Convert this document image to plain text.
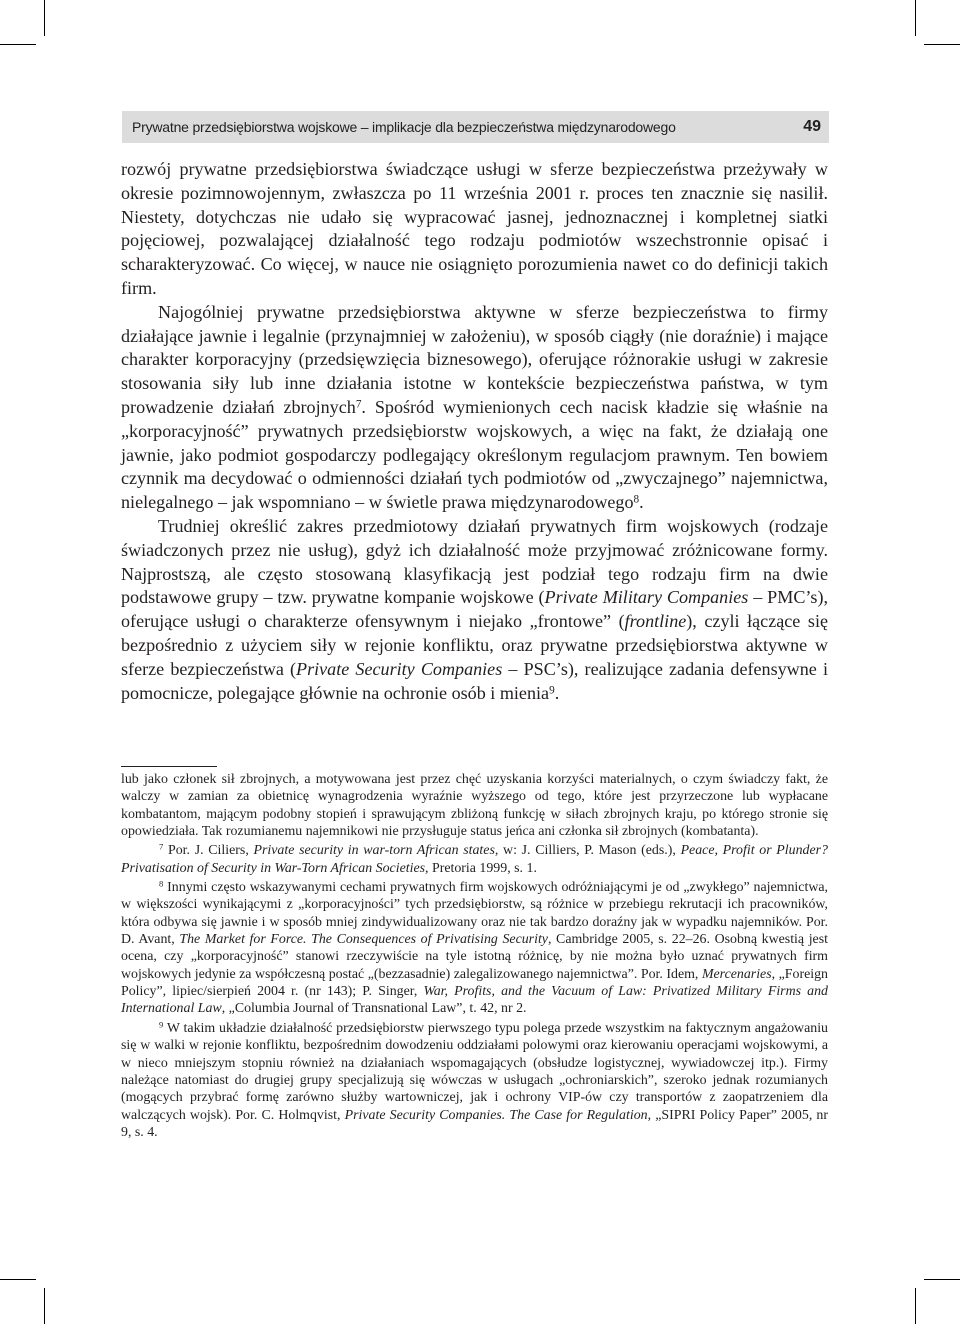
Prywatne przedsiębiorstwa wojskowe – implikacje dla bezpieczeństwa międzynarodowego	49

rozwój prywatne przedsiębiorstwa świadczące usługi w sferze bezpieczeństwa przeżywały w okresie pozimnowojennym, zwłaszcza po 11 września 2001 r. proces ten znacznie się nasilił. Niestety, dotychczas nie udało się wypracować jasnej, jednoznacznej i kompletnej siatki pojęciowej, pozwalającej działalność tego rodzaju podmiotów wszechstronnie opisać i scharakteryzować. Co więcej, w nauce nie osiągnięto porozumienia nawet co do definicji takich firm.

Najogólniej prywatne przedsiębiorstwa aktywne w sferze bezpieczeństwa to firmy działające jawnie i legalnie (przynajmniej w założeniu), w sposób ciągły (nie doraźnie) i mające charakter korporacyjny (przedsięwzięcia biznesowego), oferujące różnorakie usługi w zakresie stosowania siły lub inne działania istotne w kontekście bezpieczeństwa państwa, w tym prowadzenie działań zbrojnych$^7$. Spośród wymienionych cech nacisk kładzie się właśnie na „korporacyjność” prywatnych przedsiębiorstw wojskowych, a więc na fakt, że działają one jawnie, jako podmiot gospodarczy podlegający określonym regulacjom prawnym. Ten bowiem czynnik ma decydować o odmienności działań tych podmiotów od „zwyczajnego” najemnictwa, nielegalnego – jak wspomniano – w świetle prawa międzynarodowego$^8$.

Trudniej określić zakres przedmiotowy działań prywatnych firm wojskowych (rodzaje świadczonych przez nie usług), gdyż ich działalność może przyjmować zróżnicowane formy. Najprostszą, ale często stosowaną klasyfikacją jest podział tego rodzaju firm na dwie podstawowe grupy – tzw. prywatne kompanie wojskowe (Private Military Companies – PMC’s), oferujące usługi o charakterze ofensywnym i niejako „frontowe” (frontline), czyli łączące się bezpośrednio z użyciem siły w rejonie konfliktu, oraz prywatne przedsiębiorstwa aktywne w sferze bezpieczeństwa (Private Security Companies – PSC’s), realizujące zadania defensywne i pomocnicze, polegające głównie na ochronie osób i mienia$^9$.

lub jako członek sił zbrojnych, a motywowana jest przez chęć uzyskania korzyści materialnych, o czym świadczy fakt, że walczy w zamian za obietnicę wynagrodzenia wyraźnie wyższego od tego, które jest przyrzeczone lub wypłacane kombatantom, mającym podobny stopień i sprawującym zbliżoną funkcję w siłach zbrojnych kraju, po którego stronie się opowiedziała. Tak rozumianemu najemnikowi nie przysługuje status jeńca ani członka sił zbrojnych (kombatanta).

$^7$ Por. J. Ciliers, Private security in war-torn African states, w: J. Cilliers, P. Mason (eds.), Peace, Profit or Plunder? Privatisation of Security in War-Torn African Societies, Pretoria 1999, s. 1.

$^8$ Innymi często wskazywanymi cechami prywatnych firm wojskowych odróżniającymi je od „zwykłego” najemnictwa, w większości wynikającymi z „korporacyjności” tych przedsiębiorstw, są różnice w przebiegu rekrutacji ich pracowników, która odbywa się jawnie i w sposób mniej zindywidualizowany oraz nie tak bardzo doraźny jak w wypadku najemników. Por. D. Avant, The Market for Force. The Consequences of Privatising Security, Cambridge 2005, s. 22–26. Osobną kwestią jest ocena, czy „korporacyjność” stanowi rzeczywiście na tyle istotną różnicę, by nie można było uznać prywatnych firm wojskowych jedynie za współczesną postać „(bezzasadnie) zalegalizowanego najemnictwa”. Por. Idem, Mercenaries, „Foreign Policy”, lipiec/sierpień 2004 r. (nr 143); P. Singer, War, Profits, and the Vacuum of Law: Privatized Military Firms and International Law, „Columbia Journal of Transnational Law”, t. 42, nr 2.

$^9$ W takim układzie działalność przedsiębiorstw pierwszego typu polega przede wszystkim na faktycznym angażowaniu się w walki w rejonie konfliktu, bezpośrednim dowodzeniu oddziałami polowymi oraz kierowaniu operacjami wojskowymi, a w nieco mniejszym stopniu również na działaniach wspomagających (obsłudze logistycznej, wywiadowczej itp.). Firmy należące natomiast do drugiej grupy specjalizują się wówczas w usługach „ochroniarskich”, szeroko jednak rozumianych (mogących przybrać formę zarówno służby wartowniczej, jak i ochrony VIP-ów czy transportów z zaopatrzeniem dla walczących wojsk). Por. C. Holmqvist, Private Security Companies. The Case for Regulation, „SIPRI Policy Paper” 2005, nr 9, s. 4.
